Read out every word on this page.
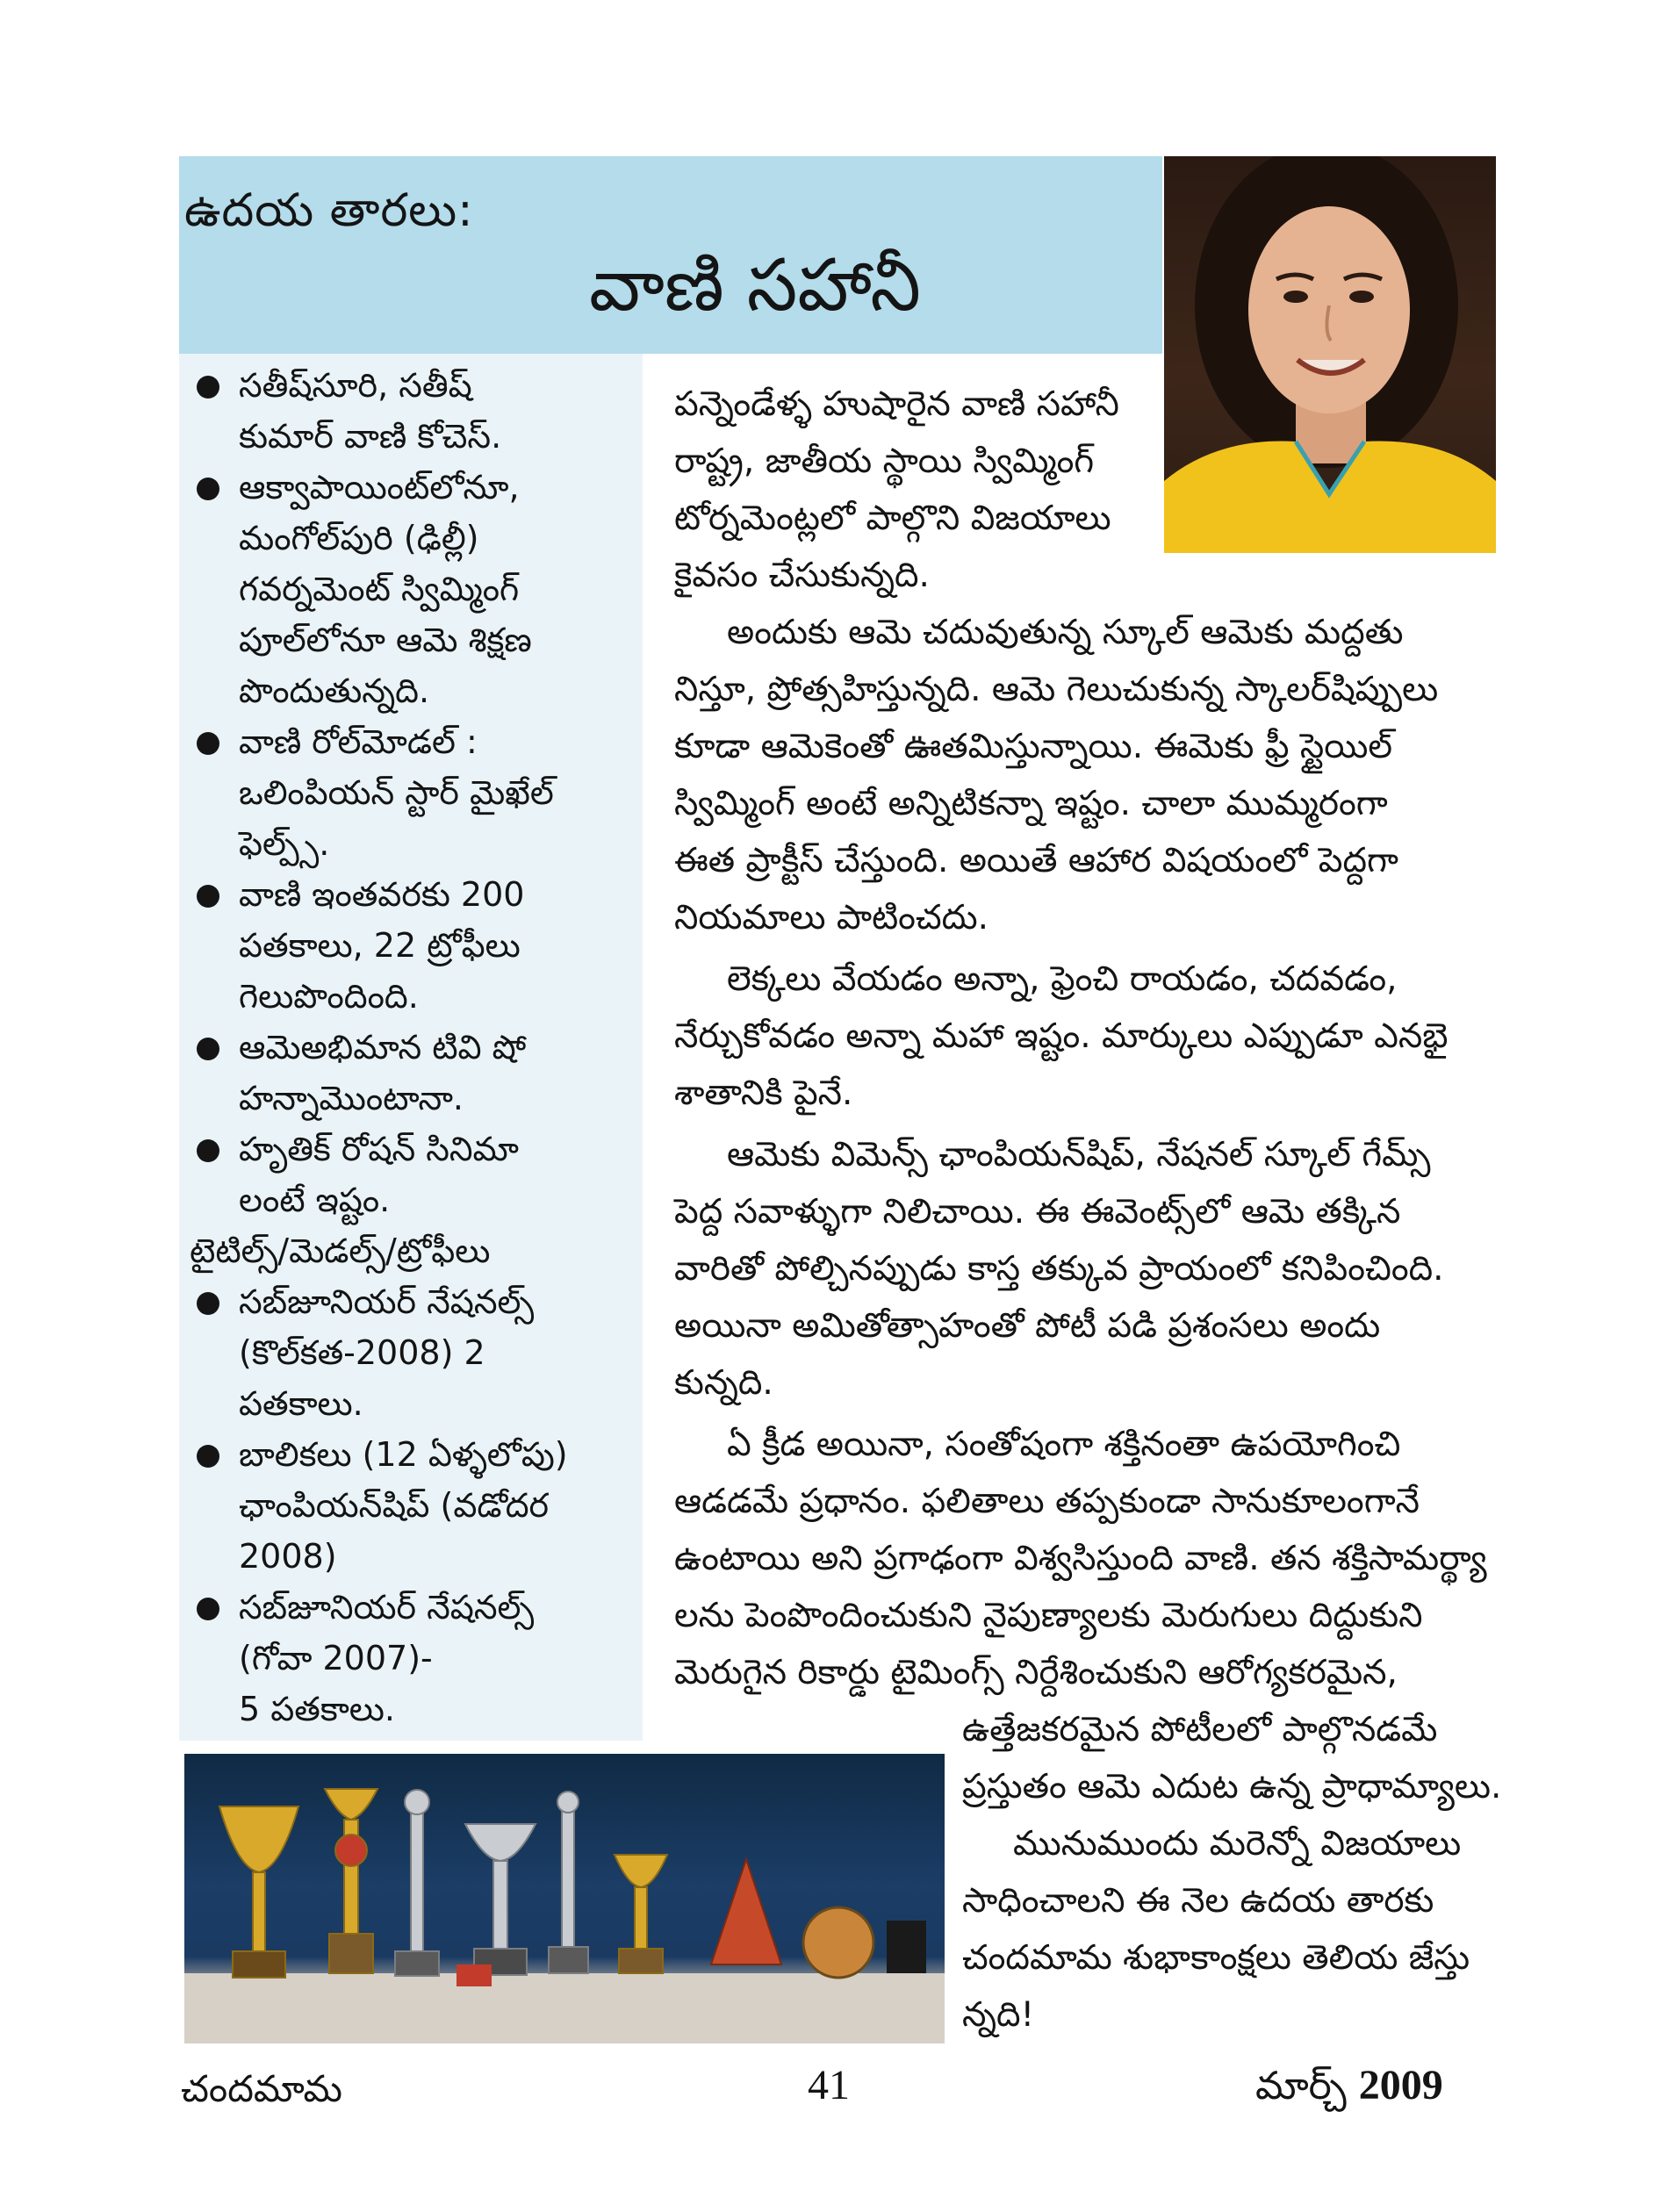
ఉదయ తారలు:
వాణి సహానీ
సతీష్‌సూరి, సతీష్
కుమార్ వాణి కోచెస్.
ఆక్వాపాయింట్‌లోనూ,
మంగోల్‌పురి (ఢిల్లీ)
గవర్నమెంట్ స్విమ్మింగ్
పూల్‌లోనూ ఆమె శిక్షణ
పొందుతున్నది.
వాణి రోల్‌మోడల్ :
ఒలింపియన్ స్టార్ మైఖేల్
ఫెల్ప్స్.
వాణి ఇంతవరకు 200
పతకాలు, 22 ట్రోఫీలు
గెలుపొందింది.
ఆమెఅభిమాన టివి షో
హన్నామొంటానా.
హృతిక్ రోషన్ సినిమా
లంటే ఇష్టం.
టైటిల్స్/మెడల్స్/ట్రోఫీలు
సబ్‌జూనియర్ నేషనల్స్
(కొల్‌కత-2008) 2
పతకాలు.
బాలికలు (12 ఏళ్ళలోపు)
ఛాంపియన్‌షిప్ (వడోదర
2008)
సబ్‌జూనియర్ నేషనల్స్
(గోవా 2007)-
5 పతకాలు.
పన్నెండేళ్ళ హుషారైన వాణి సహానీ
రాష్ట్ర, జాతీయ స్థాయి స్విమ్మింగ్
టోర్నమెంట్లలో పాల్గొని విజయాలు
కైవసం చేసుకున్నది.
అందుకు ఆమె చదువుతున్న స్కూల్ ఆమెకు మద్దతు
నిస్తూ, ప్రోత్సహిస్తున్నది. ఆమె గెలుచుకున్న స్కాలర్‌షిప్పులు
కూడా ఆమెకెంతో ఊతమిస్తున్నాయి. ఈమెకు ఫ్రీ స్టైయిల్
స్విమ్మింగ్ అంటే అన్నిటికన్నా ఇష్టం. చాలా ముమ్మరంగా
ఈత ప్రాక్టీస్ చేస్తుంది. అయితే ఆహార విషయంలో పెద్దగా
నియమాలు పాటించదు.
లెక్కలు వేయడం అన్నా, ఫ్రెంచి రాయడం, చదవడం,
నేర్చుకోవడం అన్నా మహా ఇష్టం. మార్కులు ఎప్పుడూ ఎనభై
శాతానికి పైనే.
ఆమెకు విమెన్స్ ఛాంపియన్‌షిప్, నేషనల్ స్కూల్ గేమ్స్
పెద్ద సవాళ్ళుగా నిలిచాయి. ఈ ఈవెంట్స్‌లో ఆమె తక్కిన
వారితో పోల్చినప్పుడు కాస్త తక్కువ ప్రాయంలో కనిపించింది.
అయినా అమితోత్సాహంతో పోటీ పడి ప్రశంసలు అందు
కున్నది.
ఏ క్రీడ అయినా, సంతోషంగా శక్తినంతా ఉపయోగించి
ఆడడమే ప్రధానం. ఫలితాలు తప్పకుండా సానుకూలంగానే
ఉంటాయి అని ప్రగాఢంగా విశ్వసిస్తుంది వాణి. తన శక్తిసామర్థ్యా
లను పెంపొందించుకుని నైపుణ్యాలకు మెరుగులు దిద్దుకుని
మెరుగైన రికార్డు టైమింగ్స్ నిర్దేశించుకుని ఆరోగ్యకరమైన,
ఉత్తేజకరమైన పోటీలలో పాల్గొనడమే
ప్రస్తుతం ఆమె ఎదుట ఉన్న ప్రాధామ్యాలు.
మునుముందు మరెన్నో విజయాలు
సాధించాలని ఈ నెల ఉదయ తారకు
చందమామ శుభాకాంక్షలు తెలియ జేస్తు
న్నది!
చందమామ	41	మార్చ్ 2009
